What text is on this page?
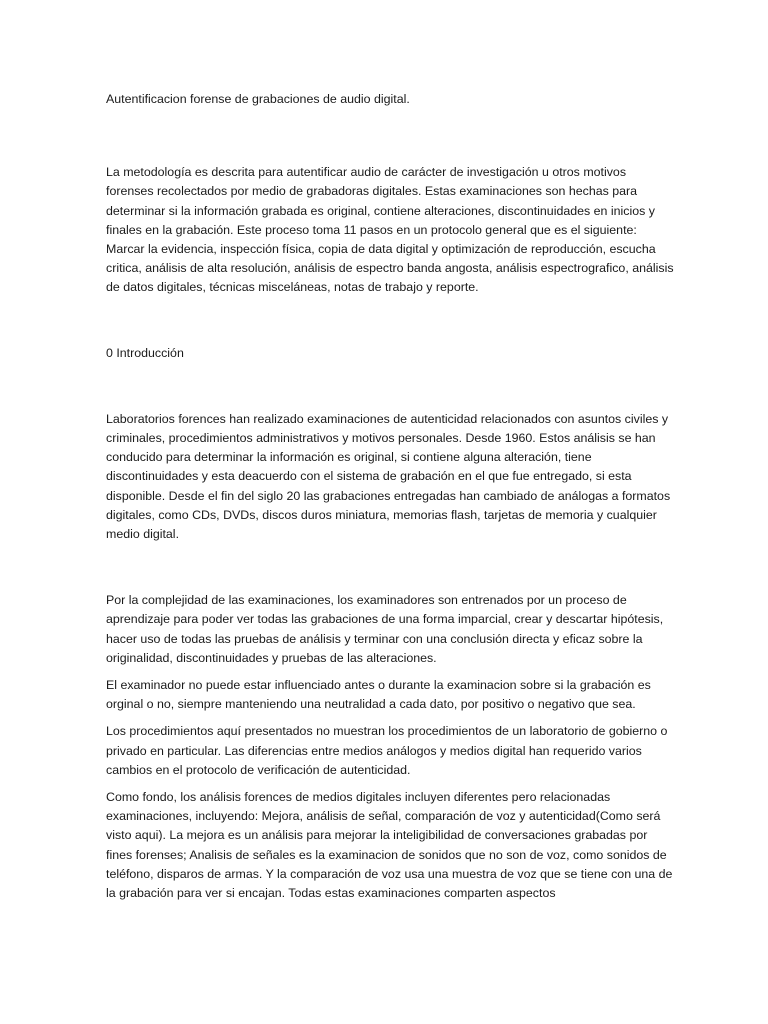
Autentificacion forense de grabaciones de audio digital.

La metodología es descrita para autentificar audio de carácter de investigación u otros motivos forenses recolectados por medio de grabadoras digitales. Estas examinaciones son hechas para determinar si la información grabada es original, contiene alteraciones, discontinuidades en inicios y finales en la grabación. Este proceso toma 11 pasos en un protocolo general que es el siguiente: Marcar la evidencia, inspección física, copia de data digital y optimización de reproducción, escucha critica, análisis de alta resolución, análisis de espectro banda angosta, análisis espectrografico, análisis de datos digitales, técnicas misceláneas, notas de trabajo y reporte.

0 Introducción

Laboratorios forences han realizado examinaciones de autenticidad relacionados con asuntos civiles y criminales, procedimientos administrativos y motivos personales. Desde 1960. Estos análisis se han conducido para determinar la información es original, si contiene alguna alteración, tiene discontinuidades y esta deacuerdo con el sistema de grabación en el que fue entregado, si esta disponible. Desde el fin del siglo 20 las grabaciones entregadas han cambiado de análogas a formatos digitales, como CDs, DVDs, discos duros miniatura, memorias flash, tarjetas de memoria y cualquier medio digital.

Por la complejidad de las examinaciones, los examinadores son entrenados por un proceso de aprendizaje para poder ver todas las grabaciones de una forma imparcial, crear y descartar hipótesis, hacer uso de todas las pruebas de análisis y terminar con una conclusión directa y eficaz sobre la originalidad, discontinuidades y pruebas de las alteraciones.

El examinador no puede estar influenciado antes o durante la examinacion sobre si la grabación es orginal o no, siempre manteniendo una neutralidad a cada dato, por positivo o negativo que sea.

Los procedimientos aquí presentados no muestran los procedimientos de un laboratorio de gobierno o privado en particular. Las diferencias entre medios análogos y medios digital han requerido varios cambios en el protocolo de verificación de autenticidad.

Como fondo, los análisis forences de medios digitales incluyen diferentes pero relacionadas examinaciones, incluyendo: Mejora, análisis de señal, comparación de voz y autenticidad(Como será visto aqui). La mejora es un análisis para mejorar la inteligibilidad de conversaciones grabadas por fines forenses; Analisis de señales es la examinacion de sonidos que no son de voz, como sonidos de teléfono, disparos de armas. Y la comparación de voz usa una muestra de voz que se tiene con una de la grabación para ver si encajan. Todas estas examinaciones comparten aspectos
